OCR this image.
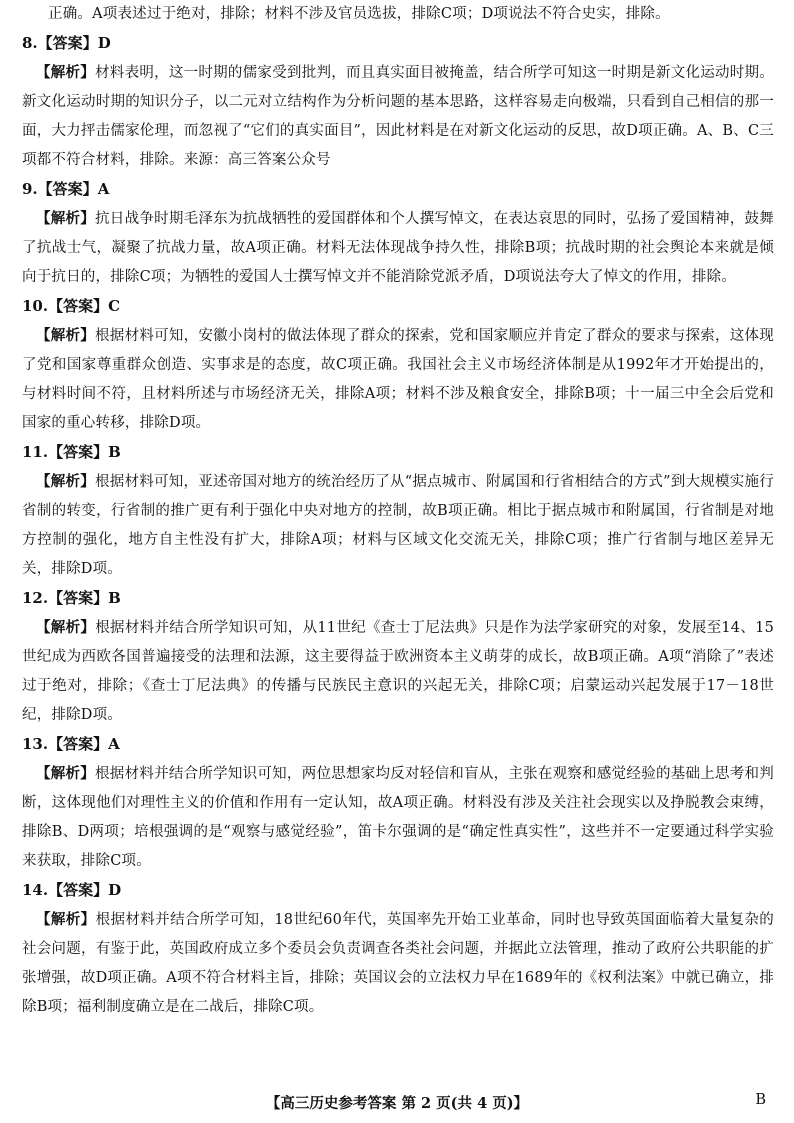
正确。A项表述过于绝对，排除；材料不涉及官员选拔，排除C项；D项说法不符合史实，排除。

8.【答案】D

【解析】材料表明，这一时期的儒家受到批判，而且真实面目被掩盖，结合所学可知这一时期是新文化运动时期。新文化运动时期的知识分子，以二元对立结构作为分析问题的基本思路，这样容易走向极端，只看到自己相信的那一面，大力抨击儒家伦理，而忽视了“它们的真实面目”，因此材料是在对新文化运动的反思，故D项正确。A、B、C三项都不符合材料，排除。来源：高三答案公众号

9.【答案】A

【解析】抗日战争时期毛泽东为抗战牺牲的爱国群体和个人撰写悼文，在表达哀思的同时，弘扬了爱国精神，鼓舞了抗战士气，凝聚了抗战力量，故A项正确。材料无法体现战争持久性，排除B项；抗战时期的社会舆论本来就是倾向于抗日的，排除C项；为牺牲的爱国人士撰写悼文并不能消除党派矛盾，D项说法夸大了悼文的作用，排除。

10.【答案】C

【解析】根据材料可知，安徽小岗村的做法体现了群众的探索，党和国家顺应并肯定了群众的要求与探索，这体现了党和国家尊重群众创造、实事求是的态度，故C项正确。我国社会主义市场经济体制是从1992年才开始提出的，与材料时间不符，且材料所述与市场经济无关，排除A项；材料不涉及粮食安全，排除B项；十一届三中全会后党和国家的重心转移，排除D项。

11.【答案】B

【解析】根据材料可知，亚述帝国对地方的统治经历了从“据点城市、附属国和行省相结合的方式”到大规模实施行省制的转变，行省制的推广更有利于强化中央对地方的控制，故B项正确。相比于据点城市和附属国，行省制是对地方控制的强化，地方自主性没有扩大，排除A项；材料与区域文化交流无关，排除C项；推广行省制与地区差异无关，排除D项。

12.【答案】B

【解析】根据材料并结合所学知识可知，从11世纪《查士丁尼法典》只是作为法学家研究的对象，发展至14、15世纪成为西欧各国普遍接受的法理和法源，这主要得益于欧洲资本主义萌芽的成长，故B项正确。A项“消除了”表述过于绝对，排除；《查士丁尼法典》的传播与民族民主意识的兴起无关，排除C项；启蒙运动兴起发展于17－18世纪，排除D项。

13.【答案】A

【解析】根据材料并结合所学知识可知，两位思想家均反对轻信和盲从，主张在观察和感觉经验的基础上思考和判断，这体现他们对理性主义的价值和作用有一定认知，故A项正确。材料没有涉及关注社会现实以及挣脱教会束缚，排除B、D两项；培根强调的是“观察与感觉经验”，笛卡尔强调的是“确定性真实性”，这些并不一定要通过科学实验来获取，排除C项。

14.【答案】D

【解析】根据材料并结合所学可知，18世纪60年代，英国率先开始工业革命，同时也导致英国面临着大量复杂的社会问题，有鉴于此，英国政府成立多个委员会负责调查各类社会问题，并据此立法管理，推动了政府公共职能的扩张增强，故D项正确。A项不符合材料主旨，排除；英国议会的立法权力早在1689年的《权利法案》中就已确立，排除B项；福利制度确立是在二战后，排除C项。

【高三历史参考答案 第 2 页(共 4 页)】	B
